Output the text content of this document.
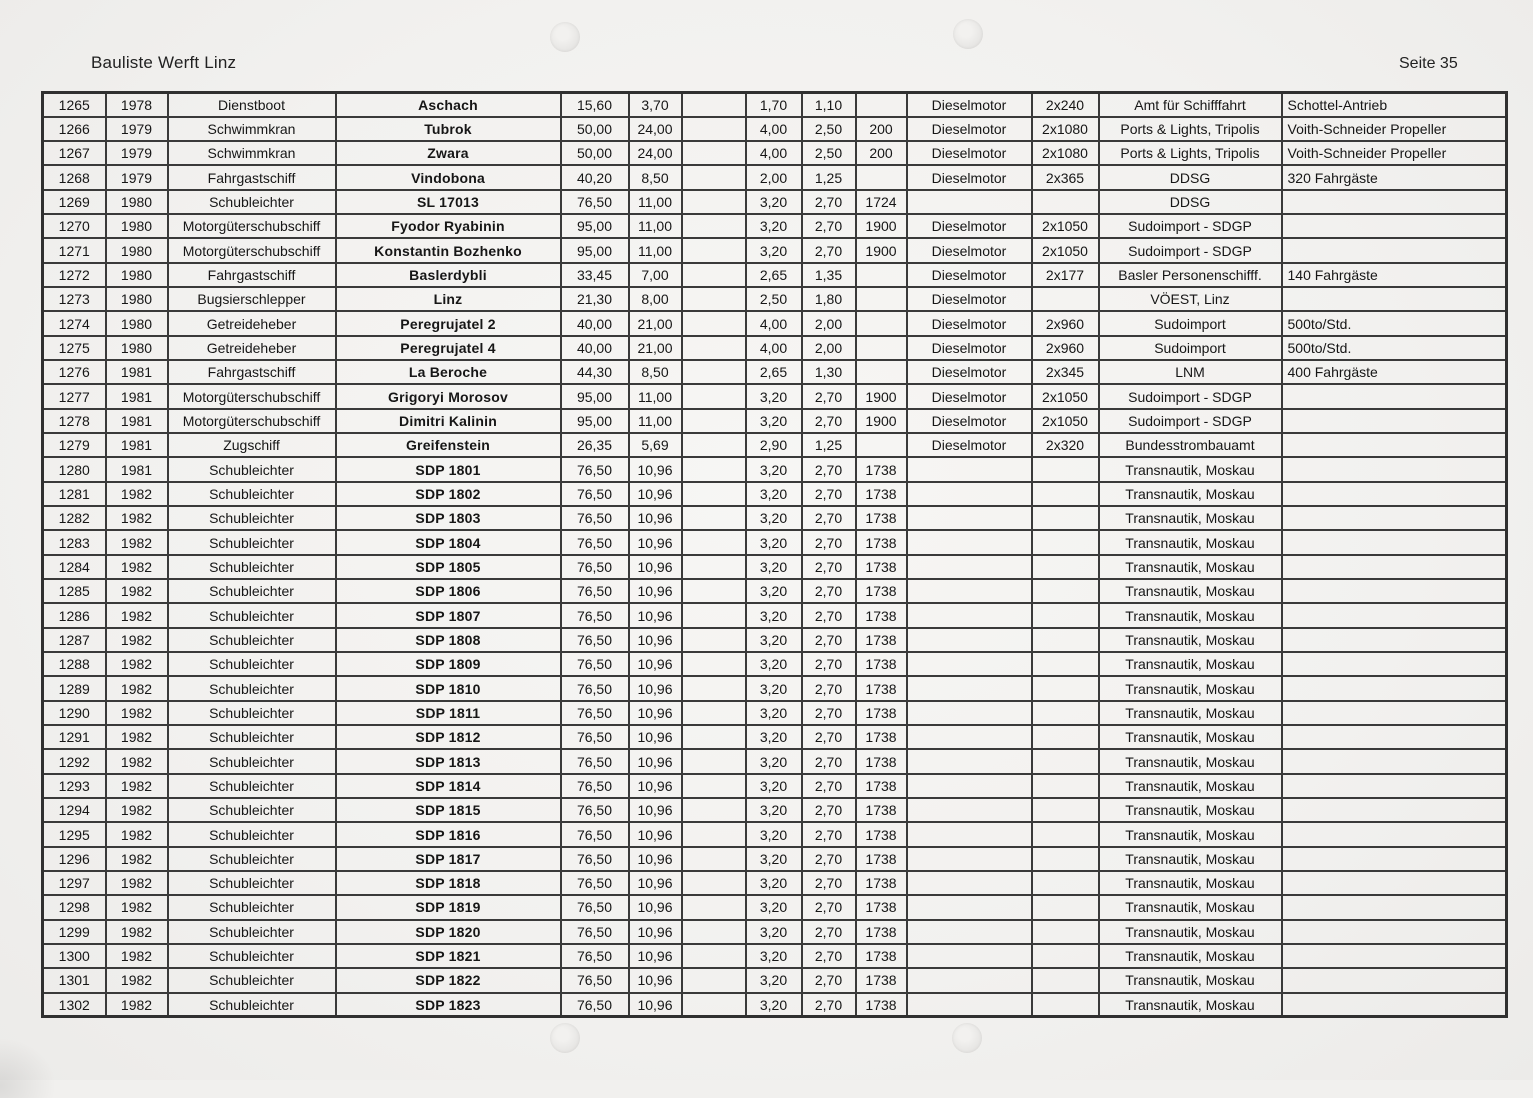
Bauliste Werft Linz	Seite 35
1265	1978	Dienstboot	Aschach	15,60	3,70		1,70	1,10		Dieselmotor	2x240	Amt für Schifffahrt	Schottel-Antrieb
1266	1979	Schwimmkran	Tubrok	50,00	24,00		4,00	2,50	200	Dieselmotor	2x1080	Ports & Lights, Tripolis	Voith-Schneider Propeller
1267	1979	Schwimmkran	Zwara	50,00	24,00		4,00	2,50	200	Dieselmotor	2x1080	Ports & Lights, Tripolis	Voith-Schneider Propeller
1268	1979	Fahrgastschiff	Vindobona	40,20	8,50		2,00	1,25		Dieselmotor	2x365	DDSG	320 Fahrgäste
1269	1980	Schubleichter	SL 17013	76,50	11,00		3,20	2,70	1724			DDSG	
1270	1980	Motorgüterschubschiff	Fyodor Ryabinin	95,00	11,00		3,20	2,70	1900	Dieselmotor	2x1050	Sudoimport - SDGP	
1271	1980	Motorgüterschubschiff	Konstantin Bozhenko	95,00	11,00		3,20	2,70	1900	Dieselmotor	2x1050	Sudoimport - SDGP	
1272	1980	Fahrgastschiff	Baslerdybli	33,45	7,00		2,65	1,35		Dieselmotor	2x177	Basler Personenschifff.	140 Fahrgäste
1273	1980	Bugsierschlepper	Linz	21,30	8,00		2,50	1,80		Dieselmotor		VÖEST, Linz	
1274	1980	Getreideheber	Peregrujatel 2	40,00	21,00		4,00	2,00		Dieselmotor	2x960	Sudoimport	500to/Std.
1275	1980	Getreideheber	Peregrujatel 4	40,00	21,00		4,00	2,00		Dieselmotor	2x960	Sudoimport	500to/Std.
1276	1981	Fahrgastschiff	La Beroche	44,30	8,50		2,65	1,30		Dieselmotor	2x345	LNM	400 Fahrgäste
1277	1981	Motorgüterschubschiff	Grigoryi Morosov	95,00	11,00		3,20	2,70	1900	Dieselmotor	2x1050	Sudoimport - SDGP	
1278	1981	Motorgüterschubschiff	Dimitri Kalinin	95,00	11,00		3,20	2,70	1900	Dieselmotor	2x1050	Sudoimport - SDGP	
1279	1981	Zugschiff	Greifenstein	26,35	5,69		2,90	1,25		Dieselmotor	2x320	Bundesstrombauamt	
1280	1981	Schubleichter	SDP 1801	76,50	10,96		3,20	2,70	1738			Transnautik, Moskau	
1281	1982	Schubleichter	SDP 1802	76,50	10,96		3,20	2,70	1738			Transnautik, Moskau	
1282	1982	Schubleichter	SDP 1803	76,50	10,96		3,20	2,70	1738			Transnautik, Moskau	
1283	1982	Schubleichter	SDP 1804	76,50	10,96		3,20	2,70	1738			Transnautik, Moskau	
1284	1982	Schubleichter	SDP 1805	76,50	10,96		3,20	2,70	1738			Transnautik, Moskau	
1285	1982	Schubleichter	SDP 1806	76,50	10,96		3,20	2,70	1738			Transnautik, Moskau	
1286	1982	Schubleichter	SDP 1807	76,50	10,96		3,20	2,70	1738			Transnautik, Moskau	
1287	1982	Schubleichter	SDP 1808	76,50	10,96		3,20	2,70	1738			Transnautik, Moskau	
1288	1982	Schubleichter	SDP 1809	76,50	10,96		3,20	2,70	1738			Transnautik, Moskau	
1289	1982	Schubleichter	SDP 1810	76,50	10,96		3,20	2,70	1738			Transnautik, Moskau	
1290	1982	Schubleichter	SDP 1811	76,50	10,96		3,20	2,70	1738			Transnautik, Moskau	
1291	1982	Schubleichter	SDP 1812	76,50	10,96		3,20	2,70	1738			Transnautik, Moskau	
1292	1982	Schubleichter	SDP 1813	76,50	10,96		3,20	2,70	1738			Transnautik, Moskau	
1293	1982	Schubleichter	SDP 1814	76,50	10,96		3,20	2,70	1738			Transnautik, Moskau	
1294	1982	Schubleichter	SDP 1815	76,50	10,96		3,20	2,70	1738			Transnautik, Moskau	
1295	1982	Schubleichter	SDP 1816	76,50	10,96		3,20	2,70	1738			Transnautik, Moskau	
1296	1982	Schubleichter	SDP 1817	76,50	10,96		3,20	2,70	1738			Transnautik, Moskau	
1297	1982	Schubleichter	SDP 1818	76,50	10,96		3,20	2,70	1738			Transnautik, Moskau	
1298	1982	Schubleichter	SDP 1819	76,50	10,96		3,20	2,70	1738			Transnautik, Moskau	
1299	1982	Schubleichter	SDP 1820	76,50	10,96		3,20	2,70	1738			Transnautik, Moskau	
1300	1982	Schubleichter	SDP 1821	76,50	10,96		3,20	2,70	1738			Transnautik, Moskau	
1301	1982	Schubleichter	SDP 1822	76,50	10,96		3,20	2,70	1738			Transnautik, Moskau	
1302	1982	Schubleichter	SDP 1823	76,50	10,96		3,20	2,70	1738			Transnautik, Moskau	
